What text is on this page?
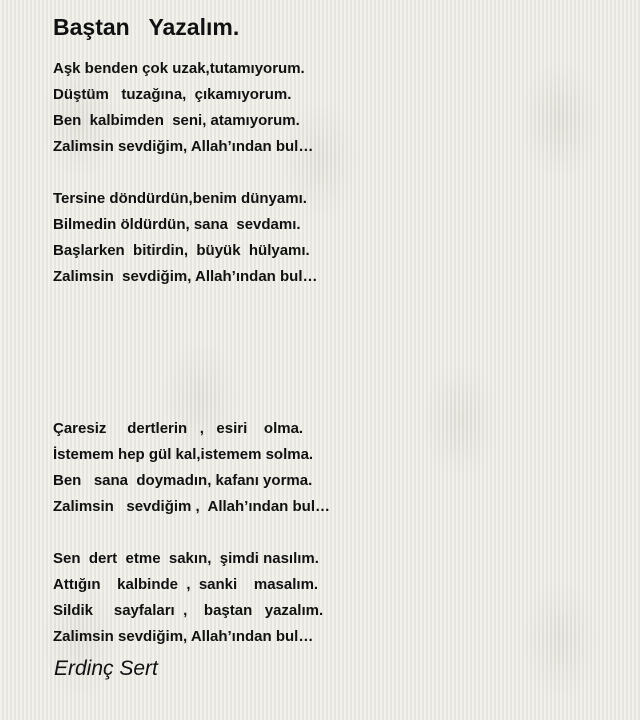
Baştan   Yazalım.
Aşk benden çok uzak,tutamıyorum.
Düştüm   tuzağına,  çıkamıyorum.
Ben  kalbimden  seni, atamıyorum.
Zalimsin sevdiğim, Allah’ından bul…
Tersine döndürdün,benim dünyamı.
Bilmedin öldürdün, sana  sevdamı.
Başlarken  bitirdin,  büyük  hülyamı.
Zalimsin  sevdiğim, Allah’ından bul…
Çaresiz     dertlerin   ,   esiri    olma.
İstemem hep gül kal,istemem solma.
Ben   sana  doymadın, kafanı yorma.
Zalimsin   sevdiğim ,  Allah’ından bul…
Sen  dert  etme  sakın,  şimdi nasılım.
Attığın    kalbinde  ,  sanki    masalım.
Sildik     sayfaları  ,    baştan   yazalım.
Zalimsin sevdiğim, Allah’ından bul…
Erdinç Sert
